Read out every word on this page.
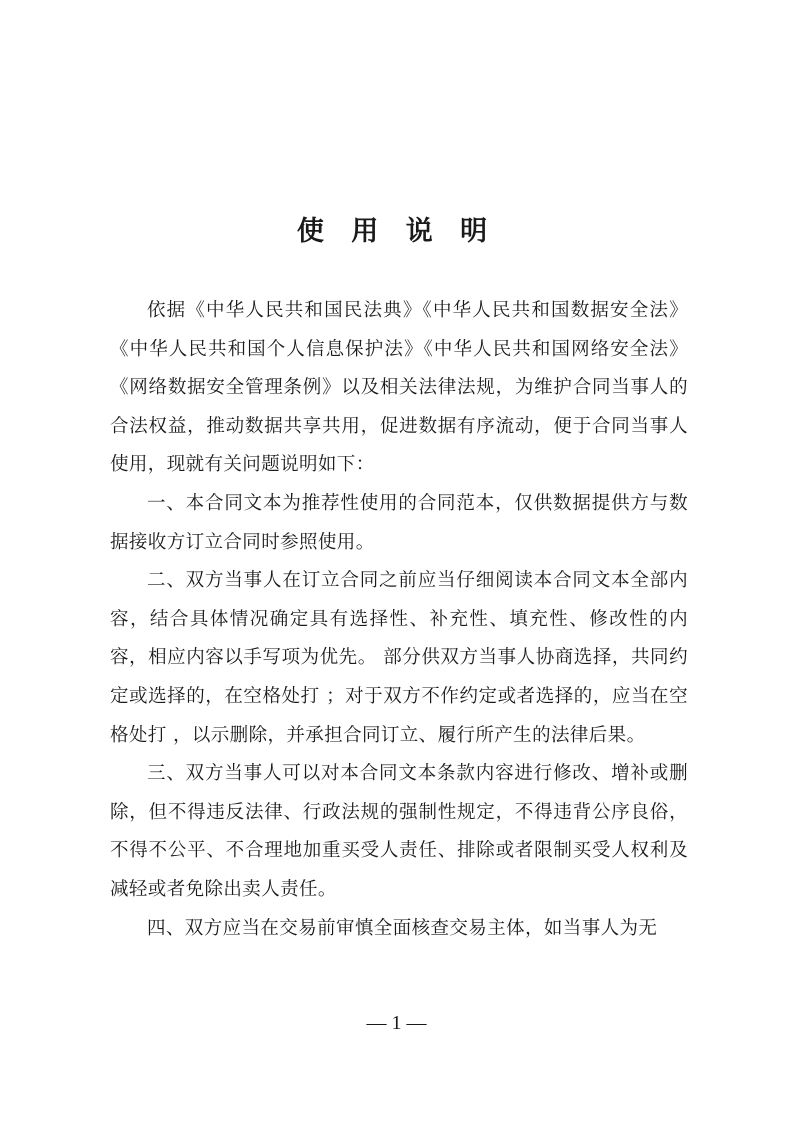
使 用 说 明

依据《中华人民共和国民法典》《中华人民共和国数据安全法》《中华人民共和国个人信息保护法》《中华人民共和国网络安全法》《网络数据安全管理条例》以及相关法律法规，为维护合同当事人的合法权益，推动数据共享共用，促进数据有序流动，便于合同当事人使用，现就有关问题说明如下：

一、本合同文本为推荐性使用的合同范本，仅供数据提供方与数据接收方订立合同时参照使用。

二、双方当事人在订立合同之前应当仔细阅读本合同文本全部内容，结合具体情况确定具有选择性、补充性、填充性、修改性的内容，相应内容以手写项为优先。 部分供双方当事人协商选择，共同约定或选择的，在空格处打 ；对于双方不作约定或者选择的，应当在空格处打 ，以示删除，并承担合同订立、履行所产生的法律后果。

三、双方当事人可以对本合同文本条款内容进行修改、增补或删除，但不得违反法律、行政法规的强制性规定，不得违背公序良俗，不得不公平、不合理地加重买受人责任、排除或者限制买受人权利及减轻或者免除出卖人责任。

四、双方应当在交易前审慎全面核查交易主体，如当事人为无

— 1 —
